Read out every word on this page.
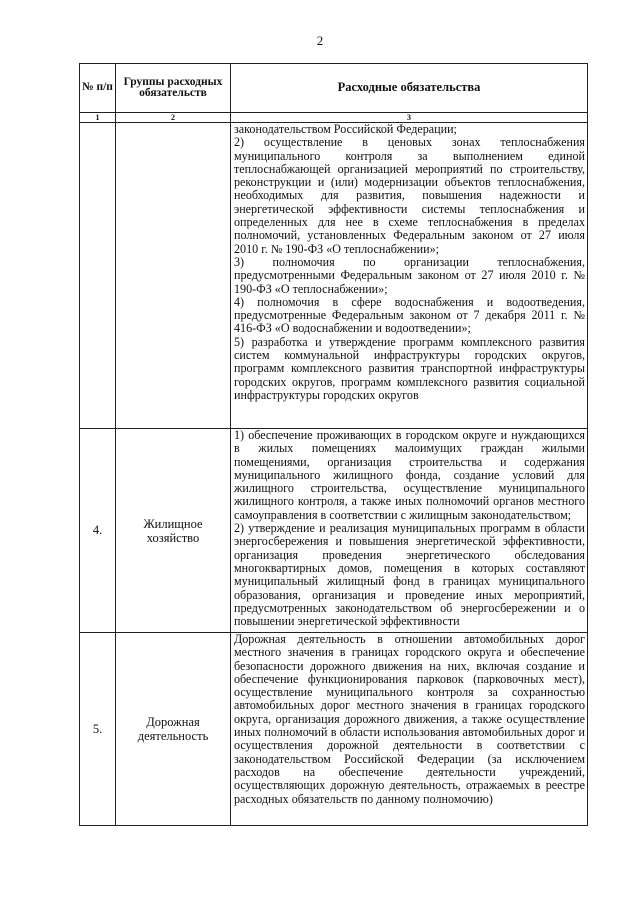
2
№ п/п	Группы расходных обязательств	Расходные обязательства
1	2	3

		законодательством Российской Федерации;

2) осуществление в ценовых зонах теплоснабжения муниципального контроля за выполнением единой теплоснабжающей организацией мероприятий по строительству, реконструкции и (или) модернизации объектов теплоснабжения, необходимых для развития, повышения надежности и энергетической эффективности системы теплоснабжения и определенных для нее в схеме теплоснабжения в пределах полномочий, установленных Федеральным законом от 27 июля 2010 г. № 190-ФЗ «О теплоснабжении»;

3) полномочия по организации теплоснабжения, предусмотренными Федеральным законом от 27 июля 2010 г. № 190-ФЗ «О теплоснабжении»;

4) полномочия в сфере водоснабжения и водоотведения, предусмотренные Федеральным законом от 7 декабря 2011 г. № 416-ФЗ «О водоснабжении и водоотведении»;

5) разработка и утверждение программ комплексного развития систем коммунальной инфраструктуры городских округов, программ комплексного развития транспортной инфраструктуры городских округов, программ комплексного развития социальной инфраструктуры городских округов

4.	Жилищное хозяйство	1) обеспечение проживающих в городском округе и нуждающихся в жилых помещениях малоимущих граждан жилыми помещениями, организация строительства и содержания муниципального жилищного фонда, создание условий для жилищного строительства, осуществление муниципального жилищного контроля, а также иных полномочий органов местного самоуправления в соответствии с жилищным законодательством;

2) утверждение и реализация муниципальных программ в области энергосбережения и повышения энергетической эффективности, организация проведения энергетического обследования многоквартирных домов, помещения в которых составляют муниципальный жилищный фонд в границах муниципального образования, организация и проведение иных мероприятий, предусмотренных законодательством об энергосбережении и о повышении энергетической эффективности

5.	Дорожная деятельность	Дорожная деятельность в отношении автомобильных дорог местного значения в границах городского округа и обеспечение безопасности дорожного движения на них, включая создание и обеспечение функционирования парковок (парковочных мест), осуществление муниципального контроля за сохранностью автомобильных дорог местного значения в границах городского округа, организация дорожного движения, а также осуществление иных полномочий в области использования автомобильных дорог и осуществления дорожной деятельности в соответствии с законодательством Российской Федерации (за исключением расходов на обеспечение деятельности учреждений, осуществляющих дорожную деятельность, отражаемых в реестре расходных обязательств по данному полномочию)
